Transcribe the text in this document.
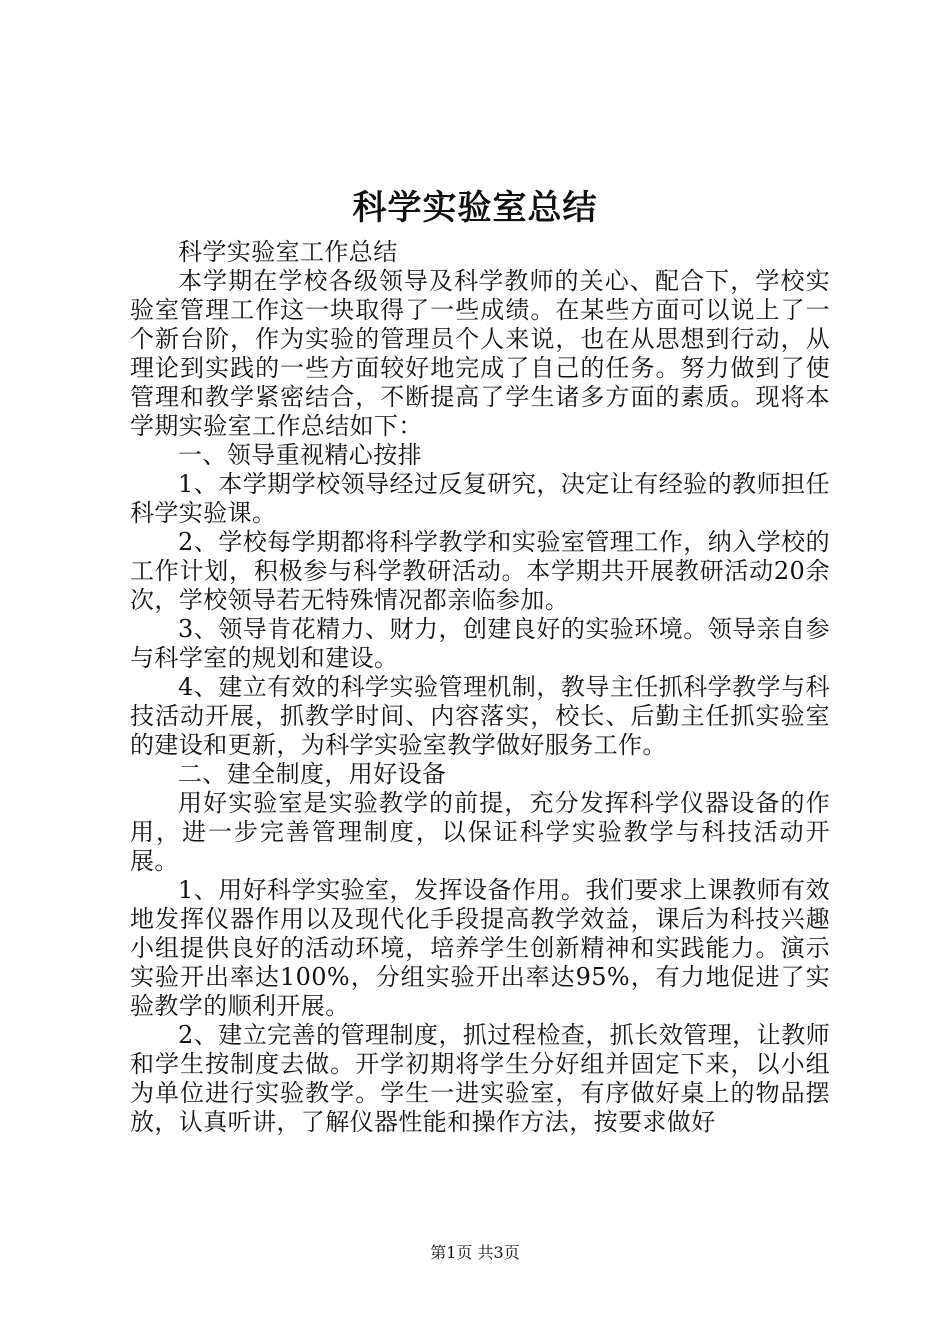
科学实验室总结

科学实验室工作总结

本学期在学校各级领导及科学教师的关心、配合下，学校实验室管理工作这一块取得了一些成绩。在某些方面可以说上了一个新台阶，作为实验的管理员个人来说，也在从思想到行动，从理论到实践的一些方面较好地完成了自己的任务。努力做到了使管理和教学紧密结合，不断提高了学生诸多方面的素质。现将本学期实验室工作总结如下：

一、领导重视精心按排

1、本学期学校领导经过反复研究，决定让有经验的教师担任科学实验课。

2、学校每学期都将科学教学和实验室管理工作，纳入学校的工作计划，积极参与科学教研活动。本学期共开展教研活动20余次，学校领导若无特殊情况都亲临参加。

3、领导肯花精力、财力，创建良好的实验环境。领导亲自参与科学室的规划和建设。

4、建立有效的科学实验管理机制，教导主任抓科学教学与科技活动开展，抓教学时间、内容落实，校长、后勤主任抓实验室的建设和更新，为科学实验室教学做好服务工作。

二、建全制度，用好设备

用好实验室是实验教学的前提，充分发挥科学仪器设备的作用，进一步完善管理制度，以保证科学实验教学与科技活动开展。

1、用好科学实验室，发挥设备作用。我们要求上课教师有效地发挥仪器作用以及现代化手段提高教学效益，课后为科技兴趣小组提供良好的活动环境，培养学生创新精神和实践能力。演示实验开出率达100%，分组实验开出率达95%，有力地促进了实验教学的顺利开展。

2、建立完善的管理制度，抓过程检查，抓长效管理，让教师和学生按制度去做。开学初期将学生分好组并固定下来，以小组为单位进行实验教学。学生一进实验室，有序做好桌上的物品摆放，认真听讲，了解仪器性能和操作方法，按要求做好

第1页 共3页
